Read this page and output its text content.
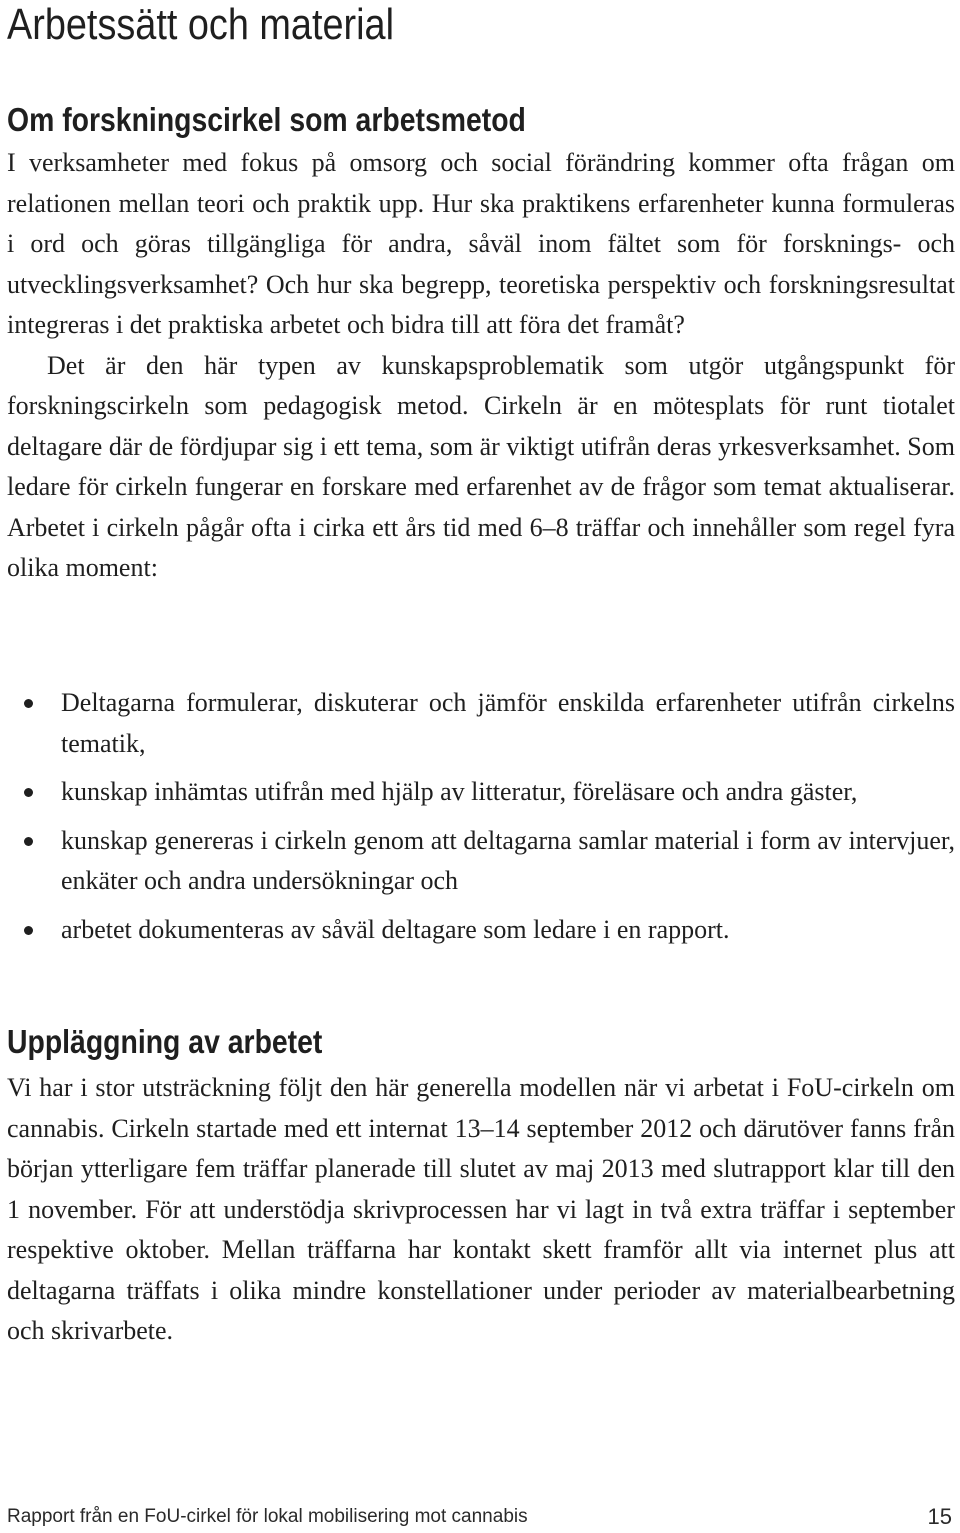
Arbetssätt och material
Om forskningscirkel som arbetsmetod
I verksamheter med fokus på omsorg och social förändring kommer ofta frågan om relationen mellan teori och praktik upp. Hur ska praktikens erfarenheter kunna formuleras i ord och göras tillgängliga för andra, såväl inom fältet som för forsknings- och utvecklingsverksamhet? Och hur ska begrepp, teoretiska perspektiv och forskningsresultat integreras i det praktiska arbetet och bidra till att föra det framåt?
Det är den här typen av kunskapsproblematik som utgör utgångspunkt för forskningscirkeln som pedagogisk metod. Cirkeln är en mötesplats för runt tiotalet deltagare där de fördjupar sig i ett tema, som är viktigt utifrån deras yrkesverksamhet. Som ledare för cirkeln fungerar en forskare med erfarenhet av de frågor som temat aktualiserar. Arbetet i cirkeln pågår ofta i cirka ett års tid med 6–8 träffar och innehåller som regel fyra olika moment:
Deltagarna formulerar, diskuterar och jämför enskilda erfarenheter utifrån cirkelns tematik,
kunskap inhämtas utifrån med hjälp av litteratur, föreläsare och andra gäster,
kunskap genereras i cirkeln genom att deltagarna samlar material i form av intervjuer, enkäter och andra undersökningar och
arbetet dokumenteras av såväl deltagare som ledare i en rapport.
Uppläggning av arbetet
Vi har i stor utsträckning följt den här generella modellen när vi arbetat i FoU-cirkeln om cannabis. Cirkeln startade med ett internat 13–14 september 2012 och därutöver fanns från början ytterligare fem träffar planerade till slutet av maj 2013 med slutrapport klar till den 1 november. För att understödja skrivprocessen har vi lagt in två extra träffar i september respektive oktober. Mellan träffarna har kontakt skett framför allt via internet plus att deltagarna träffats i olika mindre konstellationer under perioder av materialbearbetning och skrivarbete.
Rapport från en FoU-cirkel för lokal mobilisering mot cannabis	15
